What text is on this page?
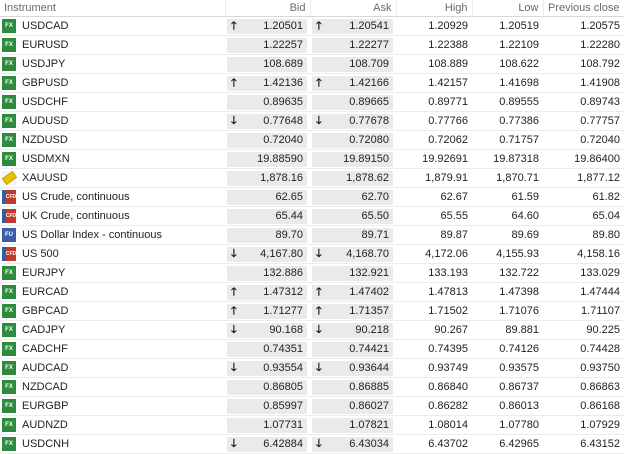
Instrument	Bid	Ask	High	Low	Previous close

FX USDCAD	🡑 1.20501	🡑 1.20541	1.20929	1.20519	1.20575

FX EURUSD	1.22257	1.22277	1.22388	1.22109	1.22280

FX USDJPY	108.689	108.709	108.889	108.622	108.792

FX GBPUSD	🡑 1.42136	🡑 1.42166	1.42157	1.41698	1.41908

FX USDCHF	0.89635	0.89665	0.89771	0.89555	0.89743

FX AUDUSD	🡓 0.77648	🡓 0.77678	0.77766	0.77386	0.77757

FX NZDUSD	0.72040	0.72080	0.72062	0.71757	0.72040

FX USDMXN	19.88590	19.89150	19.92691	19.87318	19.86400

XAUUSD	1,878.16	1,878.62	1,879.91	1,870.71	1,877.12

CFD US Crude, continuous	62.65	62.70	62.67	61.59	61.82

CFD UK Crude, continuous	65.44	65.50	65.55	64.60	65.04

FU US Dollar Index - continuous	89.70	89.71	89.87	89.69	89.80

CFD US 500	🡓 4,167.80	🡓 4,168.70	4,172.06	4,155.93	4,158.16

FX EURJPY	132.886	132.921	133.193	132.722	133.029

FX EURCAD	🡑 1.47312	🡑 1.47402	1.47813	1.47398	1.47444

FX GBPCAD	🡑 1.71277	🡑 1.71357	1.71502	1.71076	1.71107

FX CADJPY	🡓 90.168	🡓 90.218	90.267	89.881	90.225

FX CADCHF	0.74351	0.74421	0.74395	0.74126	0.74428

FX AUDCAD	🡓 0.93554	🡓 0.93644	0.93749	0.93575	0.93750

FX NZDCAD	0.86805	0.86885	0.86840	0.86737	0.86863

FX EURGBP	0.85997	0.86027	0.86282	0.86013	0.86168

FX AUDNZD	1.07731	1.07821	1.08014	1.07780	1.07929

FX USDCNH	🡓 6.42884	🡓 6.43034	6.43702	6.42965	6.43152
